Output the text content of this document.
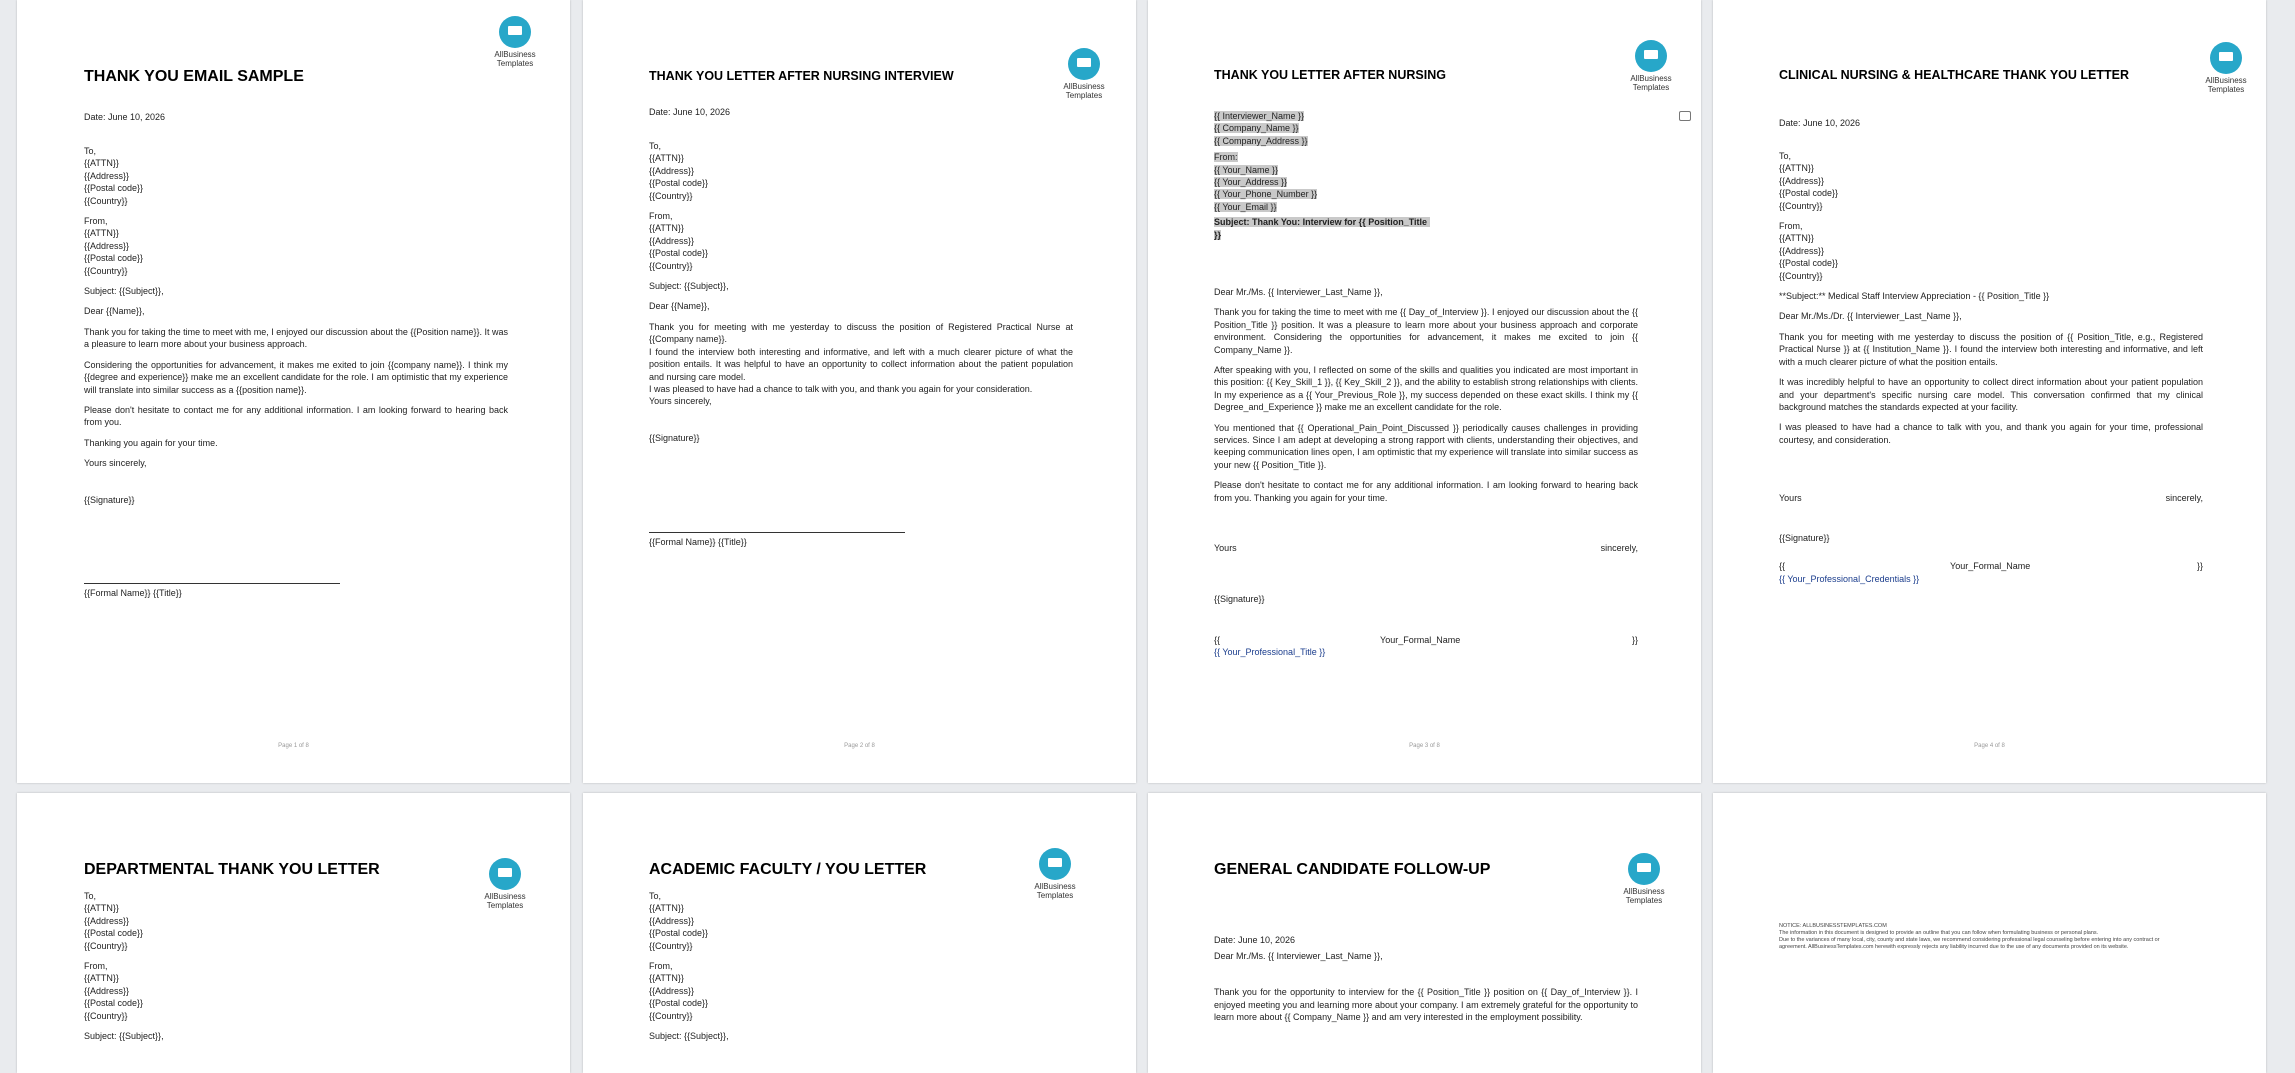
THANK YOU EMAIL SAMPLE
AllBusiness
Templates
Date: June 10, 2026
To,
{{ATTN}}
{{Address}}
{{Postal code}}
{{Country}}
From,
{{ATTN}}
{{Address}}
{{Postal code}}
{{Country}}
Subject: {{Subject}},
Dear {{Name}},
Thank you for taking the time to meet with me, I enjoyed our discussion about the {{Position name}}. It was a pleasure to learn more about your business approach.
Considering the opportunities for advancement, it makes me exited to join {{company name}}. I think my {{degree and experience}} make me an excellent candidate for the role. I am optimistic that my experience will translate into similar success as a {{position name}}.
Please don't hesitate to contact me for any additional information. I am looking forward to hearing back from you.
Thanking you again for your time.
Yours sincerely,
{{Signature}}
{{Formal Name}} {{Title}}
Page 1 of 8
THANK YOU LETTER AFTER NURSING INTERVIEW
AllBusiness
Templates
Date: June 10, 2026
To,
{{ATTN}}
{{Address}}
{{Postal code}}
{{Country}}
From,
{{ATTN}}
{{Address}}
{{Postal code}}
{{Country}}
Subject: {{Subject}},
Dear {{Name}},
Thank you for meeting with me yesterday to discuss the position of Registered Practical Nurse at {{Company name}}.
I found the interview both interesting and informative, and left with a much clearer picture of what the position entails. It was helpful to have an opportunity to collect information about the patient population and nursing care model.
I was pleased to have had a chance to talk with you, and thank you again for your consideration.
Yours sincerely,
{{Signature}}
{{Formal Name}} {{Title}}
Page 2 of 8
THANK YOU LETTER AFTER NURSING	AllBusiness
Templates
{{ Interviewer_Name }}
{{ Company_Name }}
{{ Company_Address }}
From:
{{ Your_Name }}
{{ Your_Address }}
{{ Your_Phone_Number }}
{{ Your_Email }}
Subject: Thank You: Interview for {{ Position_Title }}
Dear Mr./Ms. {{ Interviewer_Last_Name }},
Thank you for taking the time to meet with me {{ Day_of_Interview }}. I enjoyed our discussion about the {{ Position_Title }} position. It was a pleasure to learn more about your business approach and corporate environment. Considering the opportunities for advancement, it makes me excited to join {{ Company_Name }}.
After speaking with you, I reflected on some of the skills and qualities you indicated are most important in this position: {{ Key_Skill_1 }}, {{ Key_Skill_2 }}, and the ability to establish strong relationships with clients. In my experience as a {{ Your_Previous_Role }}, my success depended on these exact skills. I think my {{ Degree_and_Experience }} make me an excellent candidate for the role.
You mentioned that {{ Operational_Pain_Point_Discussed }} periodically causes challenges in providing services. Since I am adept at developing a strong rapport with clients, understanding their objectives, and keeping communication lines open, I am optimistic that my experience will translate into similar success as your new {{ Position_Title }}.
Please don't hesitate to contact me for any additional information. I am looking forward to hearing back from you. Thanking you again for your time.
Yours	sincerely,
{{Signature}}
{{	Your_Formal_Name	}}
{{ Your_Professional_Title }}
Page 3 of 8
CLINICAL NURSING & HEALTHCARE THANK YOU LETTER	AllBusiness
Templates
Date: June 10, 2026
To,
{{ATTN}}
{{Address}}
{{Postal code}}
{{Country}}
From,
{{ATTN}}
{{Address}}
{{Postal code}}
{{Country}}
**Subject:** Medical Staff Interview Appreciation - {{ Position_Title }}
Dear Mr./Ms./Dr. {{ Interviewer_Last_Name }},
Thank you for meeting with me yesterday to discuss the position of {{ Position_Title, e.g., Registered Practical Nurse }} at {{ Institution_Name }}. I found the interview both interesting and informative, and left with a much clearer picture of what the position entails.
It was incredibly helpful to have an opportunity to collect direct information about your patient population and your department's specific nursing care model. This conversation confirmed that my clinical background matches the standards expected at your facility.
I was pleased to have had a chance to talk with you, and thank you again for your time, professional courtesy, and consideration.
Yours	sincerely,
{{Signature}}
{{	Your_Formal_Name	}}
{{ Your_Professional_Credentials }}
Page 4 of 8
DEPARTMENTAL THANK YOU LETTER
AllBusiness
Templates
To,
{{ATTN}}
{{Address}}
{{Postal code}}
{{Country}}
From,
{{ATTN}}
{{Address}}
{{Postal code}}
{{Country}}
Subject: {{Subject}},
ACADEMIC FACULTY / YOU LETTER
AllBusiness
Templates
To,
{{ATTN}}
{{Address}}
{{Postal code}}
{{Country}}
From,
{{ATTN}}
{{Address}}
{{Postal code}}
{{Country}}
Subject: {{Subject}},
GENERAL CANDIDATE FOLLOW-UP
AllBusiness
Templates
Date: June 10, 2026
Dear Mr./Ms. {{ Interviewer_Last_Name }},
Thank you for the opportunity to interview for the {{ Position_Title }} position on {{ Day_of_Interview }}. I enjoyed meeting you and learning more about your company. I am extremely grateful for the opportunity to learn more about {{ Company_Name }} and am very interested in the employment possibility.
NOTICE: ALLBUSINESSTEMPLATES.COM
The information in this document is designed to provide an outline that you can follow when formulating business or personal plans.
Due to the variances of many local, city, county and state laws, we recommend considering professional legal counseling before entering into any contract or
agreement. AllBusinessTemplates.com herewith expressly rejects any liability incurred due to the use of any documents provided on its website.
